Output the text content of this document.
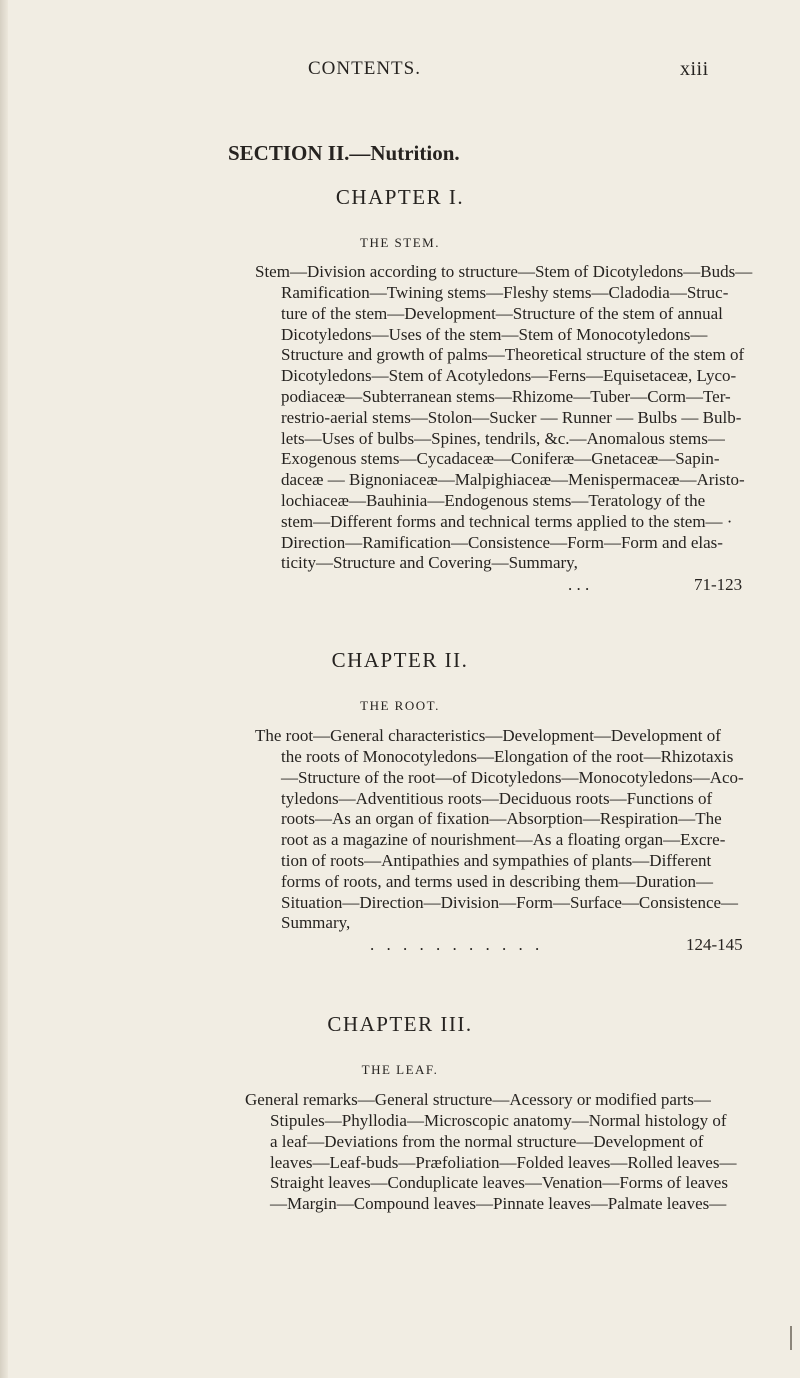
CONTENTS.	xiii
SECTION II.—Nutrition.
CHAPTER I.
THE STEM.
Stem—Division according to structure—Stem of Dicotyledons—Buds—
Ramification—Twining stems—Fleshy stems—Cladodia—Struc-
ture of the stem—Development—Structure of the stem of annual
Dicotyledons—Uses of the stem—Stem of Monocotyledons—
Structure and growth of palms—Theoretical structure of the stem of
Dicotyledons—Stem of Acotyledons—Ferns—Equisetaceæ, Lyco-
podiaceæ—Subterranean stems—Rhizome—Tuber—Corm—Ter-
restrio-aerial stems—Stolon—Sucker — Runner — Bulbs — Bulb-
lets—Uses of bulbs—Spines, tendrils, &c.—Anomalous stems—
Exogenous stems—Cycadaceæ—Coniferæ—Gnetaceæ—Sapin-
daceæ — Bignoniaceæ—Malpighiaceæ—Menispermaceæ—Aristo-
lochiaceæ—Bauhinia—Endogenous stems—Teratology of the
stem—Different forms and technical terms applied to the stem— ·
Direction—Ramification—Consistence—Form—Form and elas-
ticity—Structure and Covering—Summary,
. . .	71-123
CHAPTER II.
THE ROOT.
The root—General characteristics—Development—Development of
the roots of Monocotyledons—Elongation of the root—Rhizotaxis
—Structure of the root—of Dicotyledons—Monocotyledons—Aco-
tyledons—Adventitious roots—Deciduous roots—Functions of
roots—As an organ of fixation—Absorption—Respiration—The
root as a magazine of nourishment—As a floating organ—Excre-
tion of roots—Antipathies and sympathies of plants—Different
forms of roots, and terms used in describing them—Duration—
Situation—Direction—Division—Form—Surface—Consistence—
Summary,
. . . . . . . . . . .	124-145
CHAPTER III.
THE LEAF.
General remarks—General structure—Acessory or modified parts—
Stipules—Phyllodia—Microscopic anatomy—Normal histology of
a leaf—Deviations from the normal structure—Development of
leaves—Leaf-buds—Præfoliation—Folded leaves—Rolled leaves—
Straight leaves—Conduplicate leaves—Venation—Forms of leaves
—Margin—Compound leaves—Pinnate leaves—Palmate leaves—
